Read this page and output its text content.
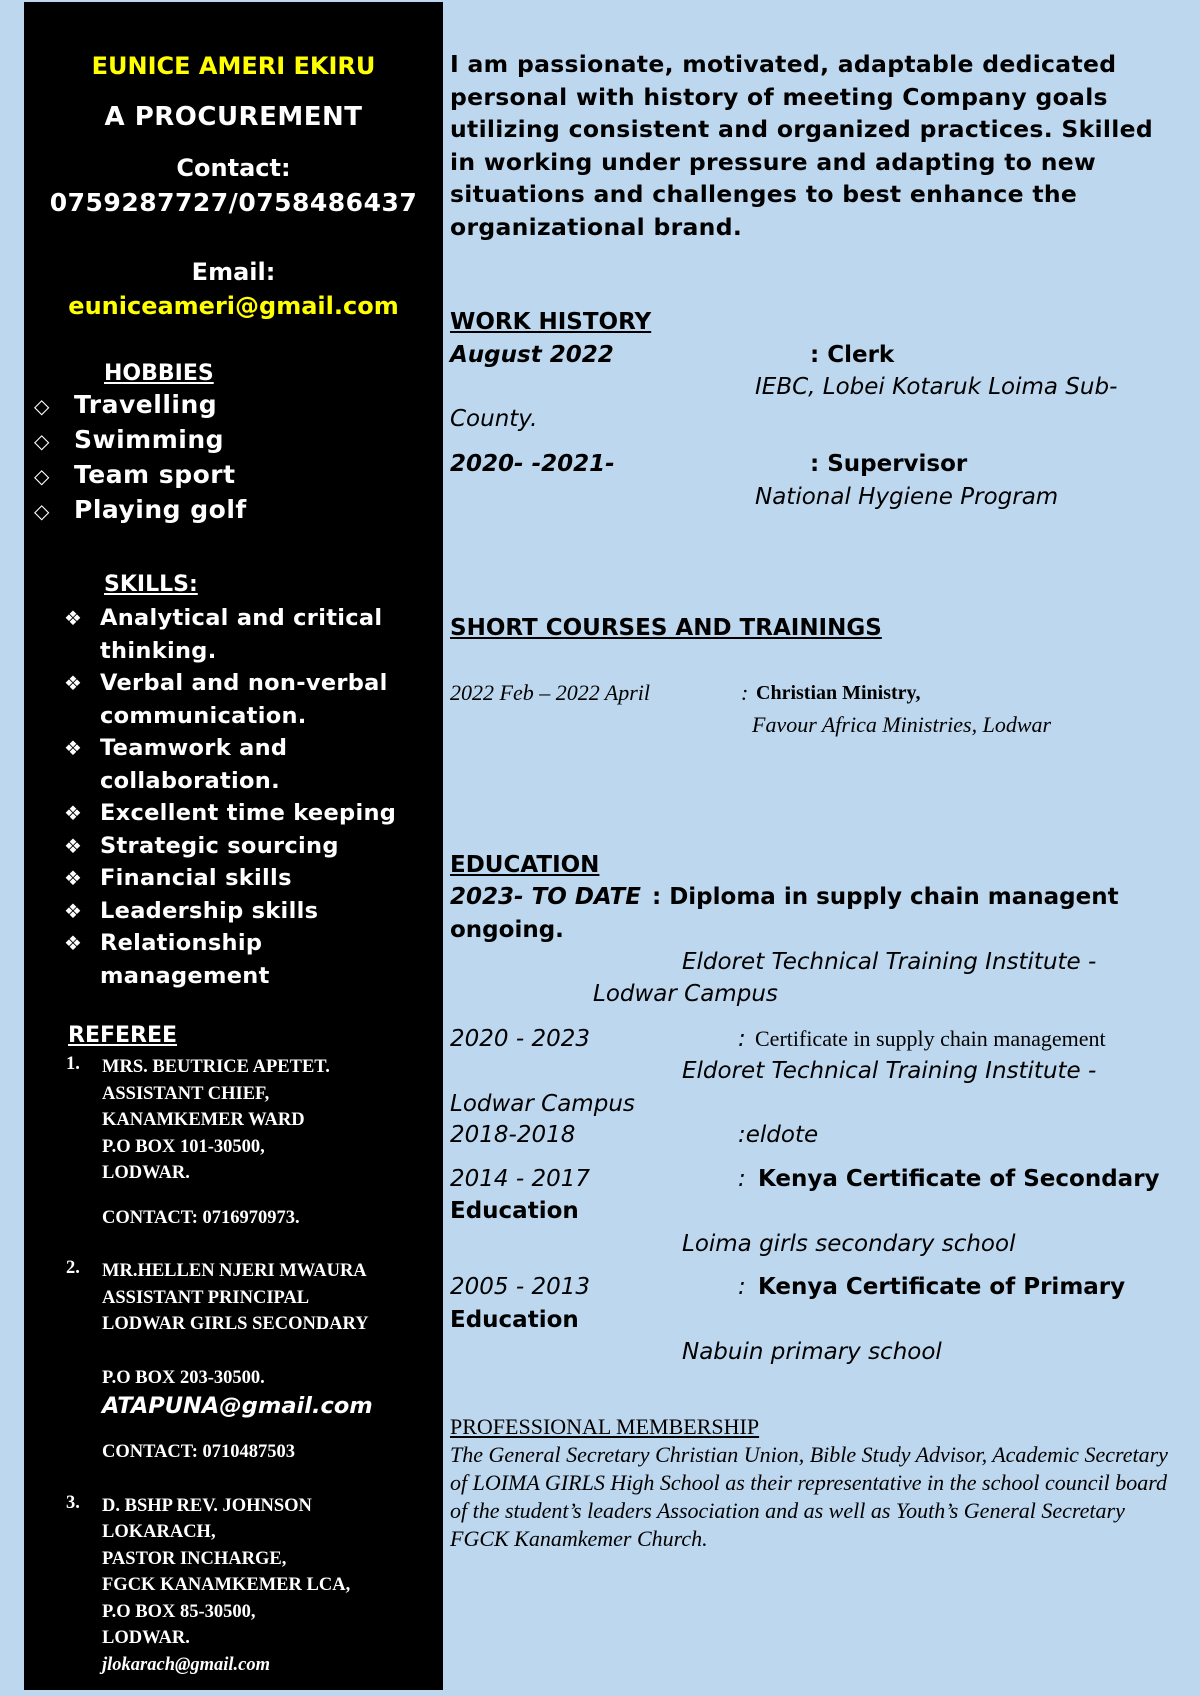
EUNICE AMERI EKIRU
A PROCUREMENT
Contact:
0759287727/0758486437
Email:
euniceameri@gmail.com
HOBBIES
◇ Travelling
◇ Swimming
◇ Team sport
◇ Playing golf
SKILLS:
❖ Analytical and critical thinking.
❖ Verbal and non-verbal communication.
❖ Teamwork and collaboration.
❖ Excellent time keeping
❖ Strategic sourcing
❖ Financial skills
❖ Leadership skills
❖ Relationship management
REFEREE
1.	MRS. BEUTRICE APETET.
ASSISTANT CHIEF,
KANAMKEMER WARD
P.O BOX 101-30500,
LODWAR.
CONTACT: 0716970973.
2.	MR.HELLEN NJERI MWAURA
ASSISTANT PRINCIPAL
LODWAR GIRLS SECONDARY
P.O BOX 203-30500.
ATAPUNA@gmail.com
CONTACT: 0710487503
3.	D. BSHP REV. JOHNSON
LOKARACH,
PASTOR INCHARGE,
FGCK KANAMKEMER LCA,
P.O BOX 85-30500,
LODWAR.
jlokarach@gmail.com

I am passionate, motivated, adaptable dedicated personal with history of meeting Company goals utilizing consistent and organized practices. Skilled in working under pressure and adapting to new situations and challenges to best enhance the organizational brand.

WORK HISTORY
August 2022	: Clerk
IEBC, Lobei Kotaruk Loima Sub-
County.
2020- -2021-	: Supervisor
National Hygiene Program
SHORT COURSES AND TRAININGS
2022 Feb – 2022 April	: Christian Ministry,
Favour Africa Ministries, Lodwar
EDUCATION
2023- TO DATE : Diploma in supply chain managent
ongoing.
Eldoret Technical Training Institute -
Lodwar Campus
2020 - 2023	: Certificate in supply chain management
Eldoret Technical Training Institute -
Lodwar Campus
2018-2018	:eldote
2014 - 2017	: Kenya Certificate of Secondary
Education
Loima girls secondary school
2005 - 2013	: Kenya Certificate of Primary
Education
Nabuin primary school
PROFESSIONAL MEMBERSHIP

The General Secretary Christian Union, Bible Study Advisor, Academic Secretary of LOIMA GIRLS High School as their representative in the school council board of the student’s leaders Association and as well as Youth’s General Secretary FGCK Kanamkemer Church.
